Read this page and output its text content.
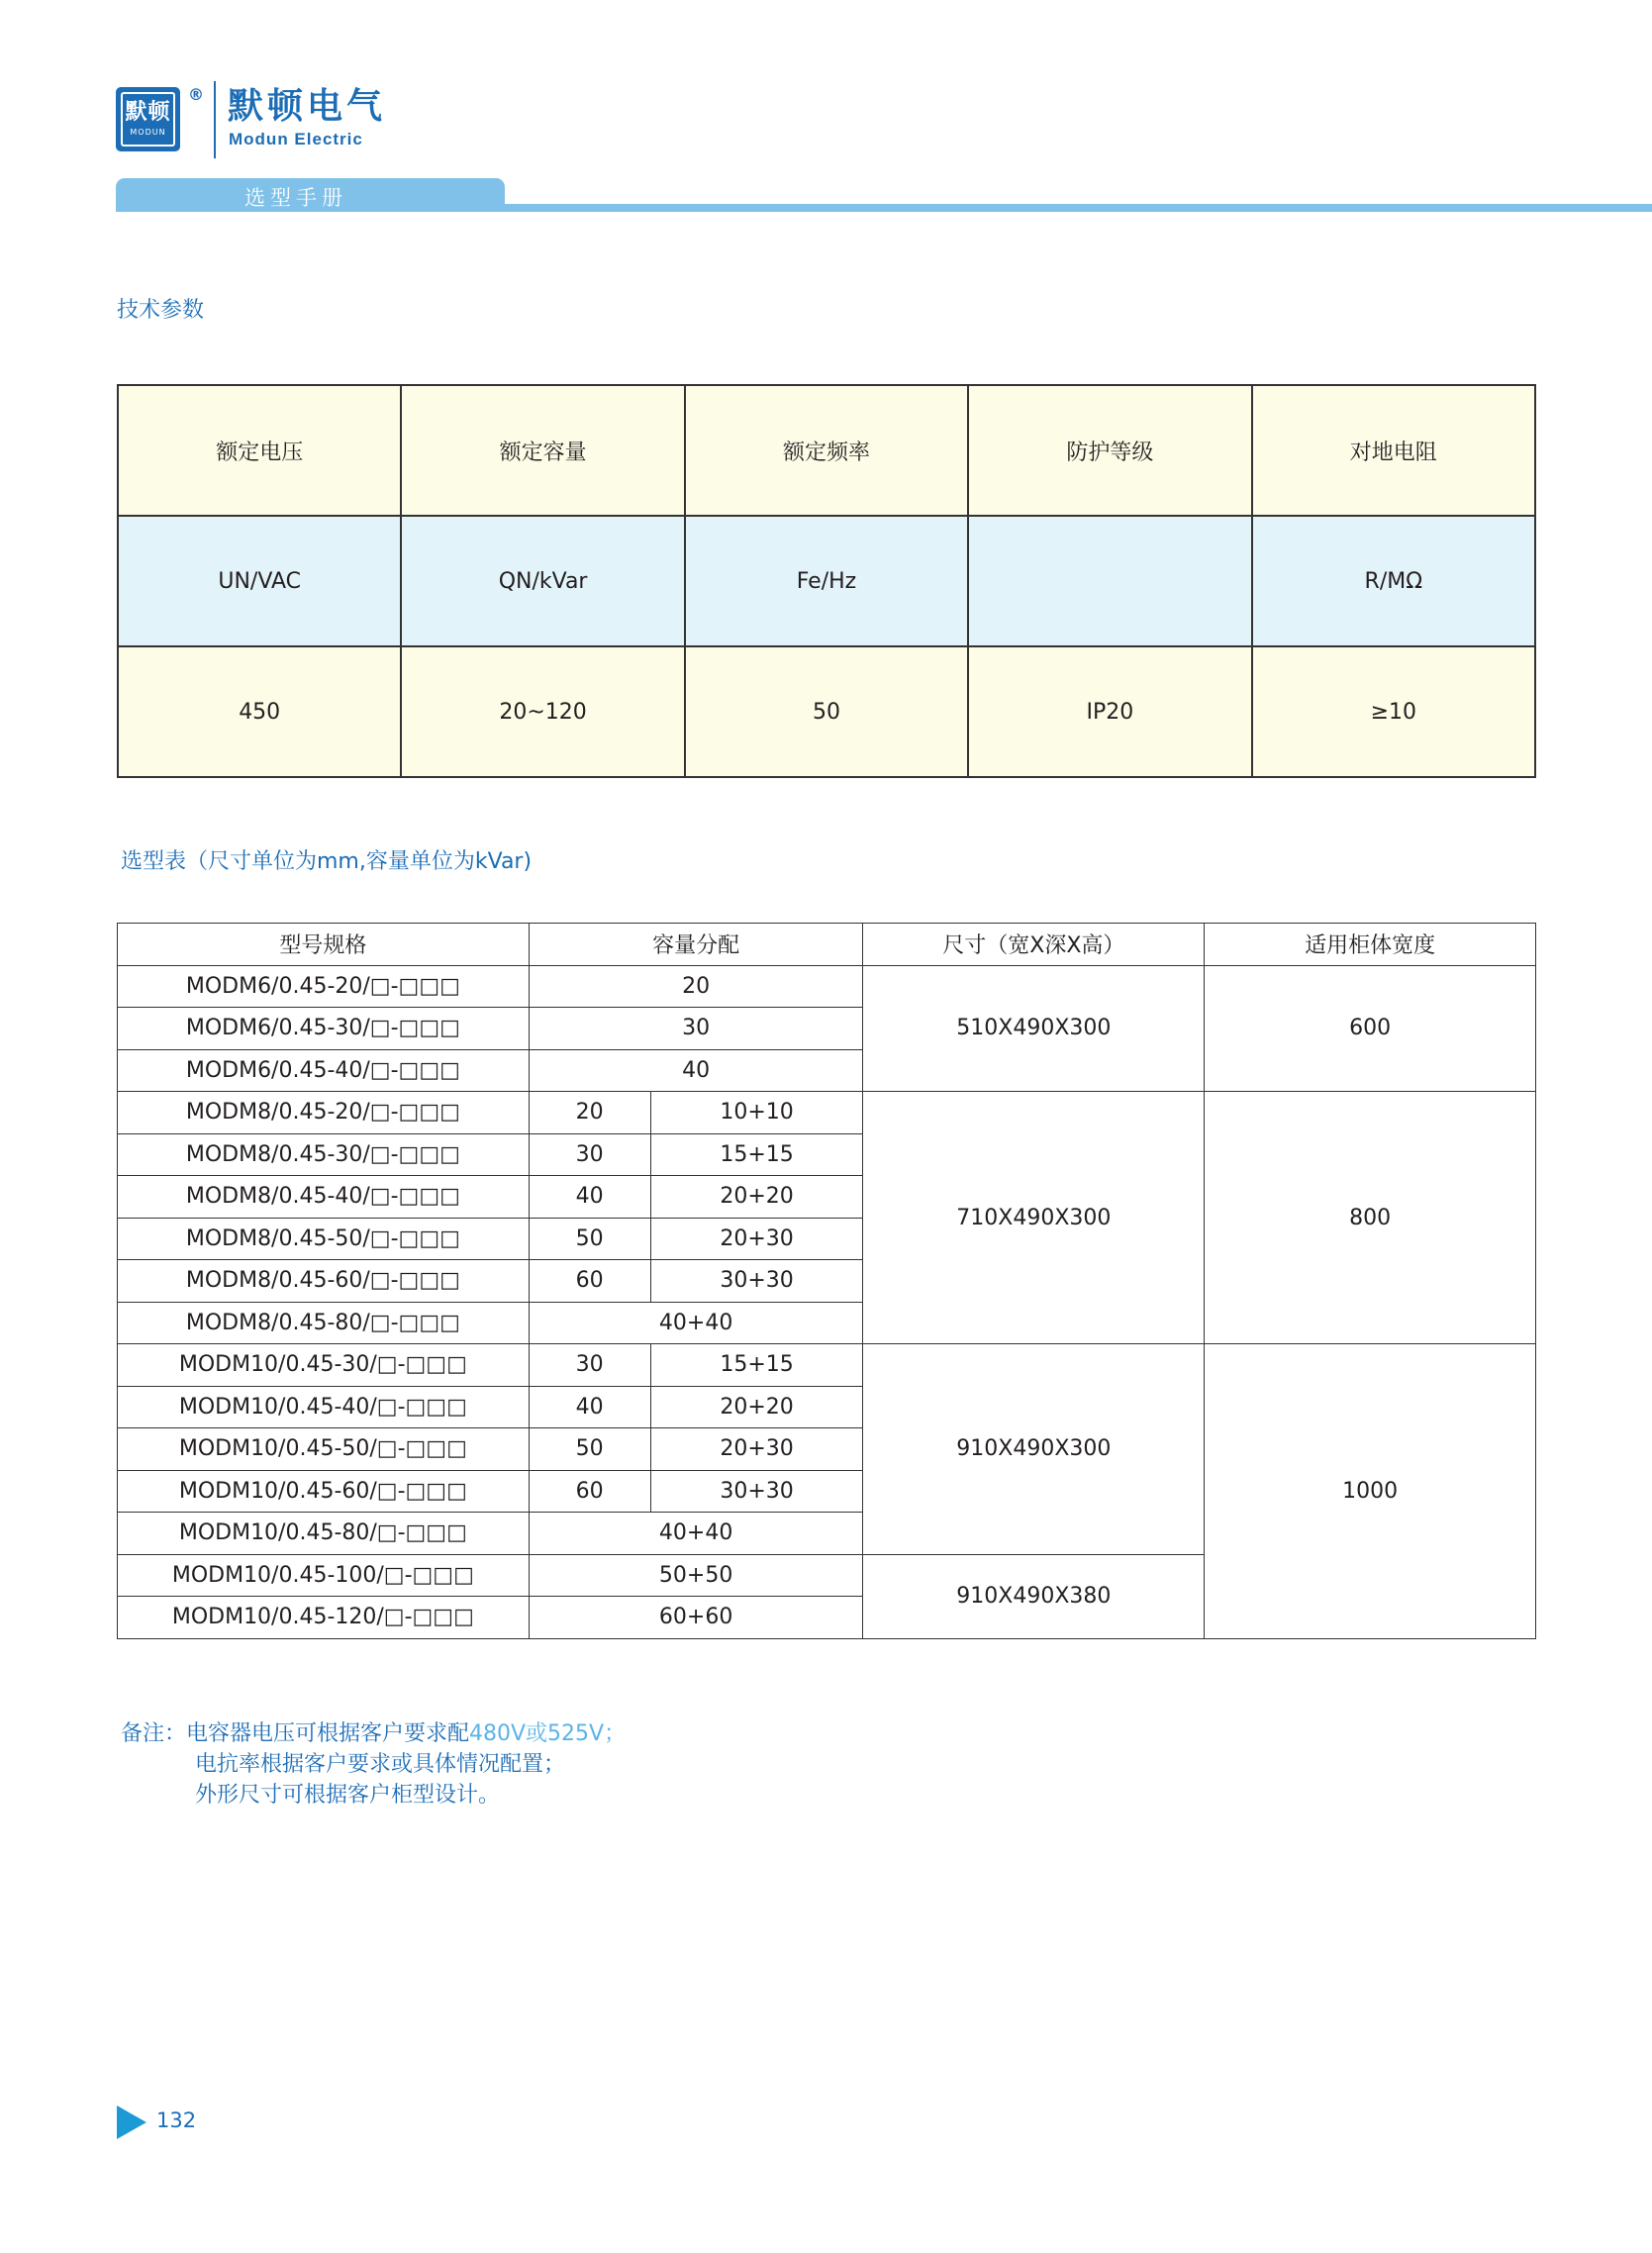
默顿
MODUN
® 默顿电气
Modun Electric
选型手册
技术参数
额定电压	额定容量	额定频率	防护等级	对地电阻
UN/VAC	QN/kVar	Fe/Hz		R/MΩ
450	20~120	50	IP20	≥10
选型表（尺寸单位为mm,容量单位为kVar)
型号规格	容量分配		尺寸（宽X深X高）	适用柜体宽度
MODM6/0.45-20/□-□□□	20		510X490X300	600
MODM6/0.45-30/□-□□□	30			
MODM6/0.45-40/□-□□□	40			
MODM8/0.45-20/□-□□□	20	10+10	710X490X300	800
MODM8/0.45-30/□-□□□	30	15+15		
MODM8/0.45-40/□-□□□	40	20+20		
MODM8/0.45-50/□-□□□	50	20+30		
MODM8/0.45-60/□-□□□	60	30+30		
MODM8/0.45-80/□-□□□	40+40			
MODM10/0.45-30/□-□□□	30	15+15	910X490X300	1000
MODM10/0.45-40/□-□□□	40	20+20		
MODM10/0.45-50/□-□□□	50	20+30		
MODM10/0.45-60/□-□□□	60	30+30		
MODM10/0.45-80/□-□□□	40+40			
MODM10/0.45-100/□-□□□	50+50		910X490X380	
MODM10/0.45-120/□-□□□	60+60			
备注：电容器电压可根据客户要求配480V或525V；
电抗率根据客户要求或具体情况配置；
外形尺寸可根据客户柜型设计。
132
